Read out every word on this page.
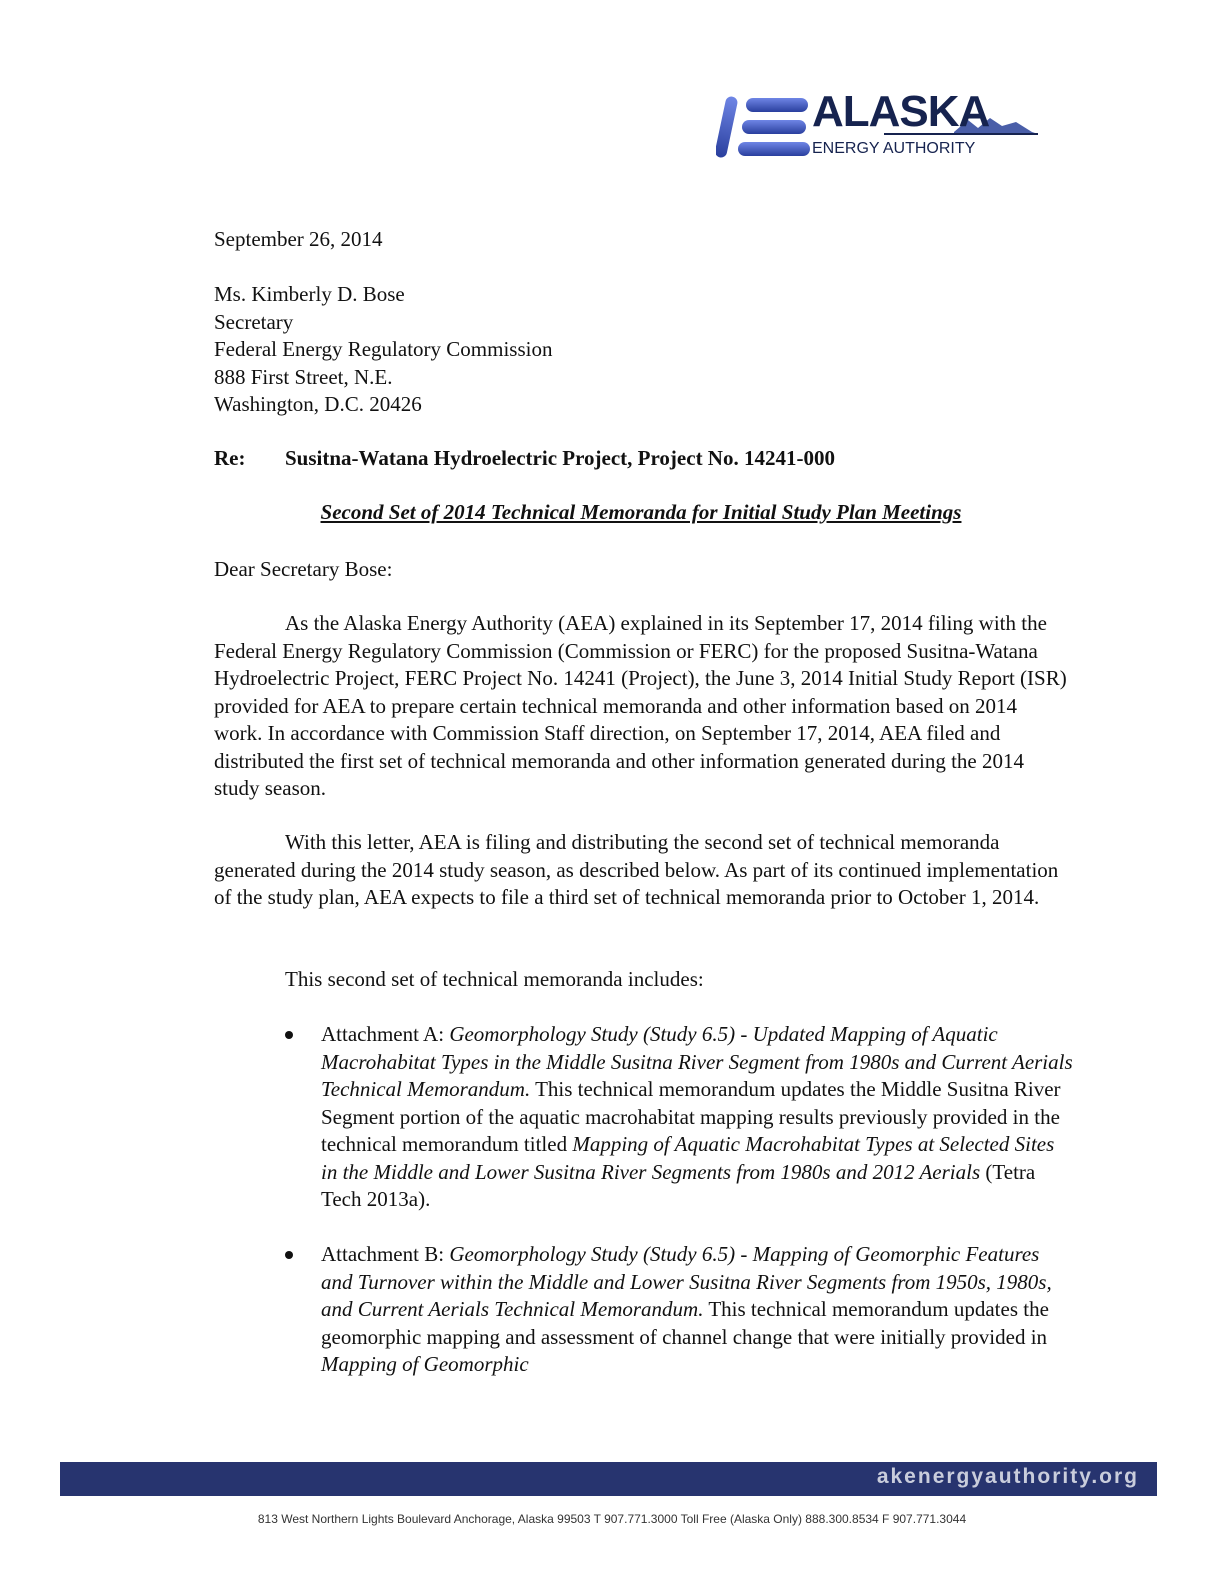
ALASKA
ENERGY AUTHORITY
September 26, 2014
Ms. Kimberly D. Bose
Secretary
Federal Energy Regulatory Commission
888 First Street, N.E.
Washington, D.C. 20426
Re: Susitna-Watana Hydroelectric Project, Project No. 14241-000
Second Set of 2014 Technical Memoranda for Initial Study Plan Meetings
Dear Secretary Bose:
As the Alaska Energy Authority (AEA) explained in its September 17, 2014 filing with the Federal Energy Regulatory Commission (Commission or FERC) for the proposed Susitna-Watana Hydroelectric Project, FERC Project No. 14241 (Project), the June 3, 2014 Initial Study Report (ISR) provided for AEA to prepare certain technical memoranda and other information based on 2014 work. In accordance with Commission Staff direction, on September 17, 2014, AEA filed and distributed the first set of technical memoranda and other information generated during the 2014 study season.
With this letter, AEA is filing and distributing the second set of technical memoranda generated during the 2014 study season, as described below. As part of its continued implementation of the study plan, AEA expects to file a third set of technical memoranda prior to October 1, 2014.
This second set of technical memoranda includes:
Attachment A: Geomorphology Study (Study 6.5) - Updated Mapping of Aquatic Macrohabitat Types in the Middle Susitna River Segment from 1980s and Current Aerials Technical Memorandum. This technical memorandum updates the Middle Susitna River Segment portion of the aquatic macrohabitat mapping results previously provided in the technical memorandum titled Mapping of Aquatic Macrohabitat Types at Selected Sites in the Middle and Lower Susitna River Segments from 1980s and 2012 Aerials (Tetra Tech 2013a).
Attachment B: Geomorphology Study (Study 6.5) - Mapping of Geomorphic Features and Turnover within the Middle and Lower Susitna River Segments from 1950s, 1980s, and Current Aerials Technical Memorandum. This technical memorandum updates the geomorphic mapping and assessment of channel change that were initially provided in Mapping of Geomorphic
akenergyauthority.org
813 West Northern Lights Boulevard Anchorage, Alaska 99503 T 907.771.3000 Toll Free (Alaska Only) 888.300.8534 F 907.771.3044
